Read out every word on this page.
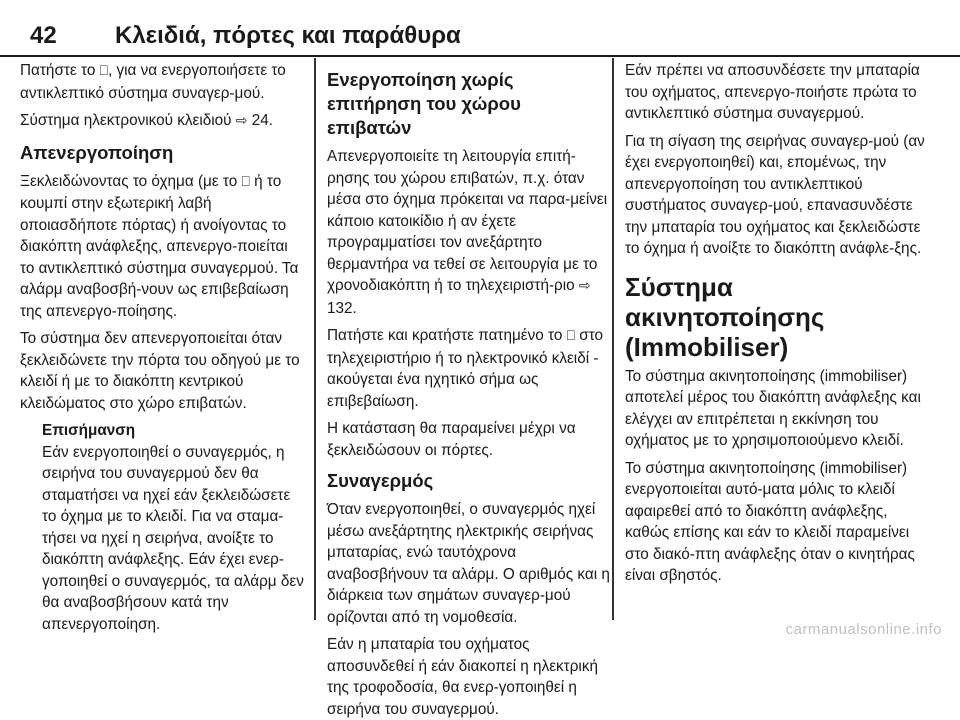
42 Κλειδιά, πόρτες και παράθυρα

Πατήστε το ⎕, για να ενεργοποιήσετε το αντικλεπτικό σύστημα συναγερ-μού.

Σύστημα ηλεκτρονικού κλειδιού ⇨ 24.

Απενεργοποίηση

Ξεκλειδώνοντας το όχημα (με το ⎕ ή το κουμπί στην εξωτερική λαβή οποιασδήποτε πόρτας) ή ανοίγοντας το διακόπτη ανάφλεξης, απενεργο-ποιείται το αντικλεπτικό σύστημα συναγερμού. Τα αλάρμ αναβοσβή-νουν ως επιβεβαίωση της απενεργο-ποίησης.

Το σύστημα δεν απενεργοποιείται όταν ξεκλειδώνετε την πόρτα του οδηγού με το κλειδί ή με το διακόπτη κεντρικού κλειδώματος στο χώρο επιβατών.

Επισήμανση

Εάν ενεργοποιηθεί ο συναγερμός, η σειρήνα του συναγερμού δεν θα σταματήσει να ηχεί εάν ξεκλειδώσετε το όχημα με το κλειδί. Για να σταμα-τήσει να ηχεί η σειρήνα, ανοίξτε το διακόπτη ανάφλεξης. Εάν έχει ενερ-γοποιηθεί ο συναγερμός, τα αλάρμ δεν θα αναβοσβήσουν κατά την απενεργοποίηση.

Ενεργοποίηση χωρίς επιτήρηση του χώρου επιβατών

Απενεργοποιείτε τη λειτουργία επιτή-ρησης του χώρου επιβατών, π.χ. όταν μέσα στο όχημα πρόκειται να παρα-μείνει κάποιο κατοικίδιο ή αν έχετε προγραμματίσει τον ανεξάρτητο θερμαντήρα να τεθεί σε λειτουργία με το χρονοδιακόπτη ή το τηλεχειριστή-ριο ⇨ 132.

Πατήστε και κρατήστε πατημένο το ⎕ στο τηλεχειριστήριο ή το ηλεκτρονικό κλειδί - ακούγεται ένα ηχητικό σήμα ως επιβεβαίωση.

Η κατάσταση θα παραμείνει μέχρι να ξεκλειδώσουν οι πόρτες.

Συναγερμός

Όταν ενεργοποιηθεί, ο συναγερμός ηχεί μέσω ανεξάρτητης ηλεκτρικής σειρήνας μπαταρίας, ενώ ταυτόχρονα αναβοσβήνουν τα αλάρμ. Ο αριθμός και η διάρκεια των σημάτων συναγερ-μού ορίζονται από τη νομοθεσία.

Εάν η μπαταρία του οχήματος αποσυνδεθεί ή εάν διακοπεί η ηλεκτρική της τροφοδοσία, θα ενερ-γοποιηθεί η σειρήνα του συναγερμού.

Εάν πρέπει να αποσυνδέσετε την μπαταρία του οχήματος, απενεργο-ποιήστε πρώτα το αντικλεπτικό σύστημα συναγερμού.

Για τη σίγαση της σειρήνας συναγερ-μού (αν έχει ενεργοποιηθεί) και, επομένως, την απενεργοποίηση του αντικλεπτικού συστήματος συναγερ-μού, επανασυνδέστε την μπαταρία του οχήματος και ξεκλειδώστε το όχημα ή ανοίξτε το διακόπτη ανάφλε-ξης.

Σύστημα ακινητοποίησης (Immobiliser)

Το σύστημα ακινητοποίησης (immobiliser) αποτελεί μέρος του διακόπτη ανάφλεξης και ελέγχει αν επιτρέπεται η εκκίνηση του οχήματος με το χρησιμοποιούμενο κλειδί.

Το σύστημα ακινητοποίησης (immobiliser) ενεργοποιείται αυτό-ματα μόλις το κλειδί αφαιρεθεί από το διακόπτη ανάφλεξης, καθώς επίσης και εάν το κλειδί παραμείνει στο διακό-πτη ανάφλεξης όταν ο κινητήρας είναι σβηστός.

carmanualsonline.info
